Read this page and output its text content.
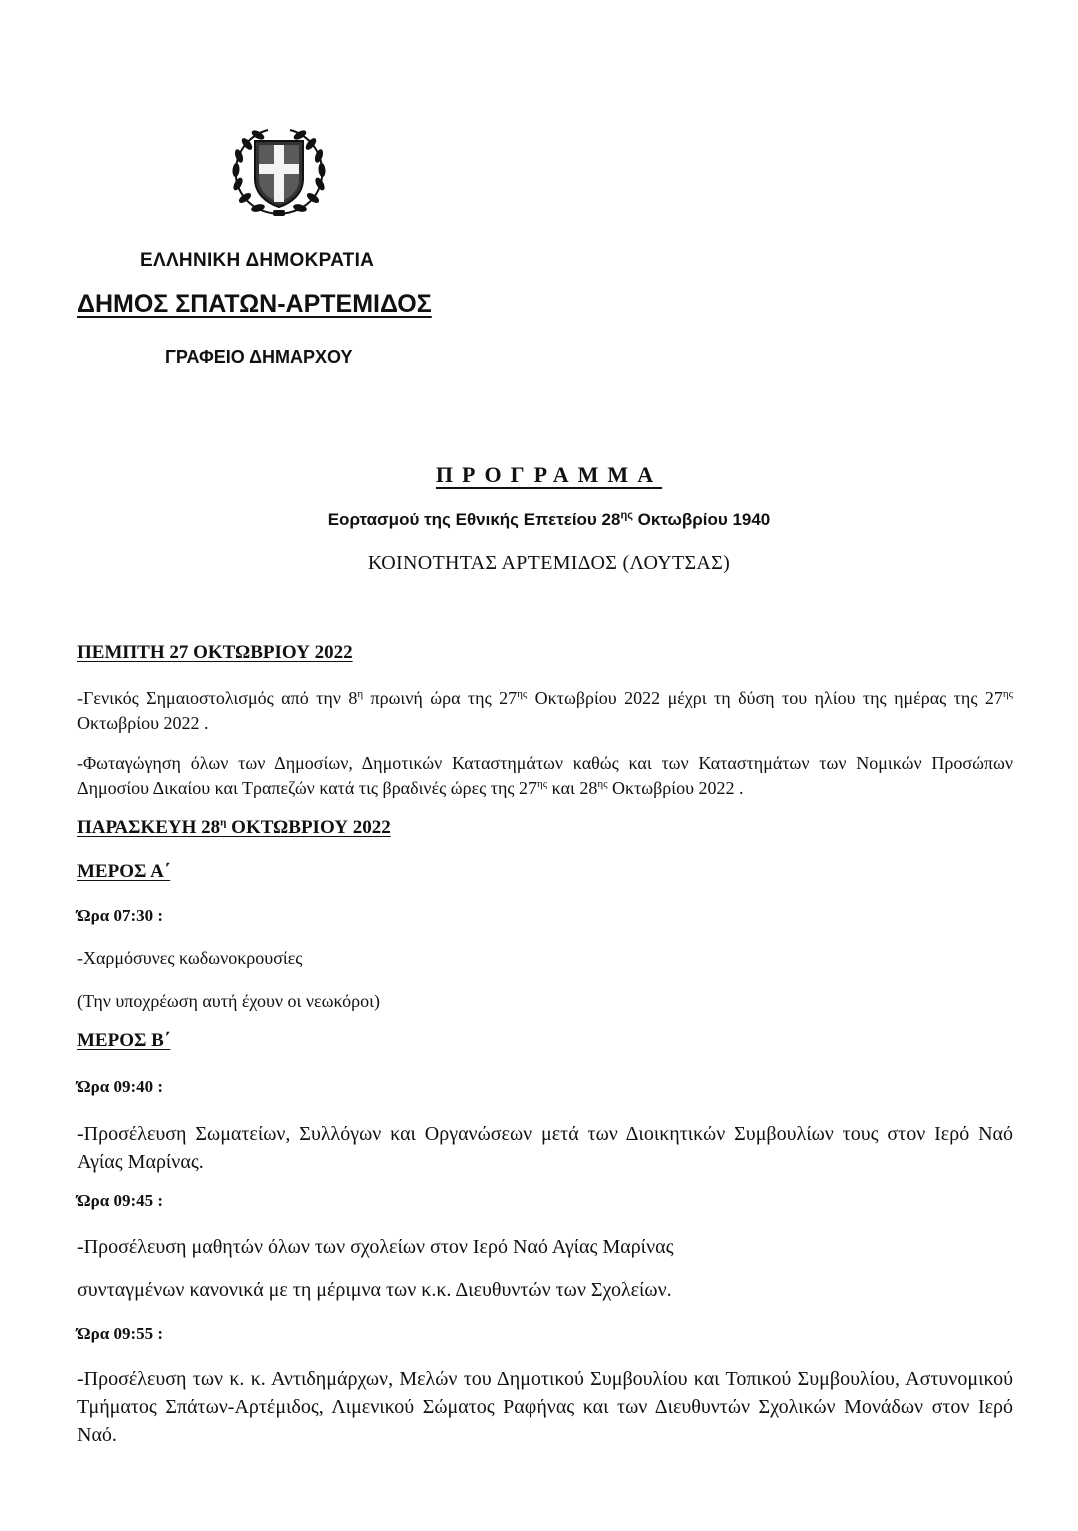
ΕΛΛΗΝΙΚΗ ΔΗΜΟΚΡΑΤΙΑ
ΔΗΜΟΣ ΣΠΑΤΩΝ-ΑΡΤΕΜΙΔΟΣ
ΓΡΑΦΕΙΟ ΔΗΜΑΡΧΟΥ
ΠΡΟΓΡΑΜΜΑ
Εορτασμού της Εθνικής Επετείου $28^{\eta\varsigma}$ Οκτωβρίου 1940
ΚΟΙΝΟΤΗΤΑΣ ΑΡΤΕΜΙΔΟΣ (ΛΟΥΤΣΑΣ)
ΠΕΜΠΤΗ 27 ΟΚΤΩΒΡΙΟΥ 2022
-Γενικός Σημαιοστολισμός από την $8^\eta$ πρωινή ώρα της $27^{\eta\varsigma}$ Οκτωβρίου 2022 μέχρι τη δύση του ηλίου της ημέρας της $27^{\eta\varsigma}$ Οκτωβρίου 2022 .
-Φωταγώγηση όλων των Δημοσίων, Δημοτικών Καταστημάτων καθώς και των Καταστημάτων των Νομικών Προσώπων Δημοσίου Δικαίου και Τραπεζών κατά τις βραδινές ώρες της $27^{\eta\varsigma}$ και $28^{\eta\varsigma}$ Οκτωβρίου 2022 .
ΠΑΡΑΣΚΕΥΗ $28^\eta$ ΟΚΤΩΒΡΙΟΥ 2022
ΜΕΡΟΣ Α΄
Ώρα 07:30 :
-Χαρμόσυνες κωδωνοκρουσίες
(Την υποχρέωση αυτή έχουν οι νεωκόροι)
ΜΕΡΟΣ Β΄
Ώρα 09:40 :
-Προσέλευση Σωματείων, Συλλόγων και Οργανώσεων μετά των Διοικητικών Συμβουλίων τους στον Ιερό Ναό Αγίας Μαρίνας.
Ώρα 09:45 :
-Προσέλευση μαθητών όλων των σχολείων στον Ιερό Ναό Αγίας Μαρίνας
συνταγμένων κανονικά με τη μέριμνα των κ.κ. Διευθυντών των Σχολείων.
Ώρα 09:55 :
-Προσέλευση των κ. κ. Αντιδημάρχων, Μελών του Δημοτικού Συμβουλίου και Τοπικού Συμβουλίου, Αστυνομικού Τμήματος Σπάτων-Αρτέμιδος, Λιμενικού Σώματος Ραφήνας και των Διευθυντών Σχολικών Μονάδων στον Ιερό Ναό.
